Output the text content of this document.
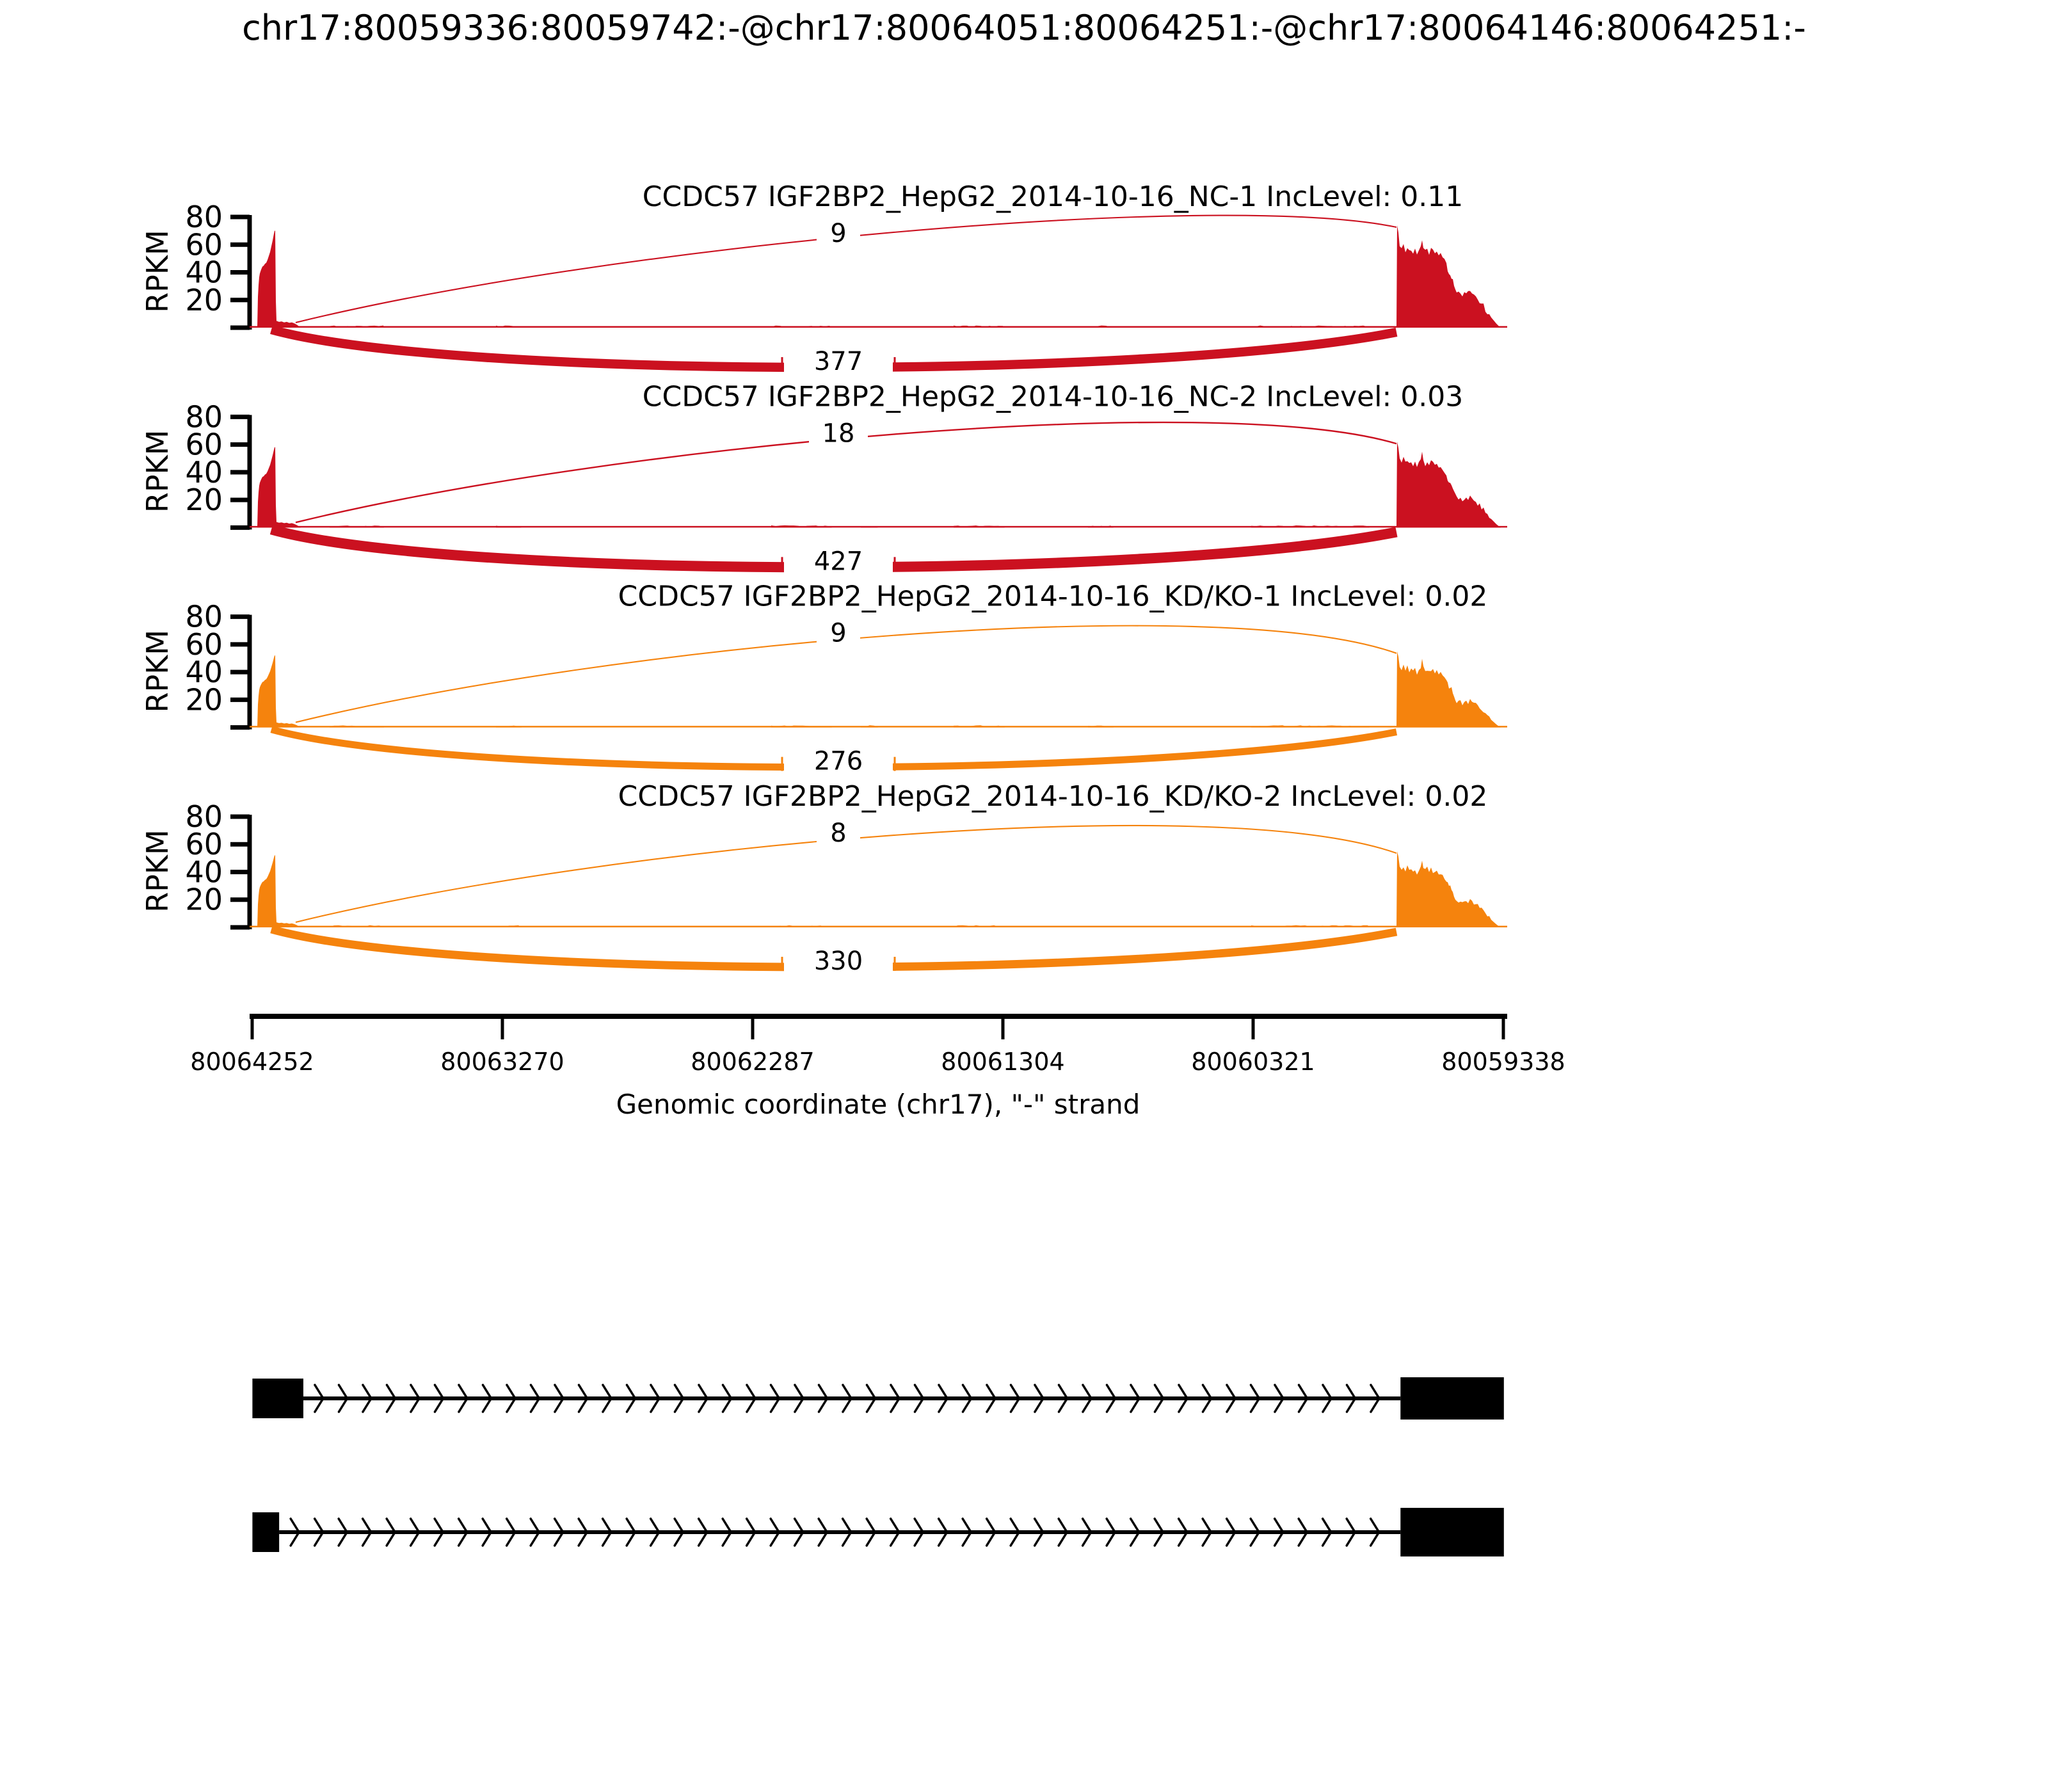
chr17:80059336:80059742:-@chr17:80064051:80064251:-@chr17:80064146:80064251:-
20
40
60
80
RPKM
CCDC57 IGF2BP2_HepG2_2014-10-16_NC-1 IncLevel: 0.11
9
377
20
40
60
80
RPKM
CCDC57 IGF2BP2_HepG2_2014-10-16_NC-2 IncLevel: 0.03
18
427
20
40
60
80
RPKM
CCDC57 IGF2BP2_HepG2_2014-10-16_KD/KO-1 IncLevel: 0.02
9
276
20
40
60
80
RPKM
CCDC57 IGF2BP2_HepG2_2014-10-16_KD/KO-2 IncLevel: 0.02
8
330
80064252	80063270	80062287	80061304	80060321	80059338
Genomic coordinate (chr17), "-" strand
